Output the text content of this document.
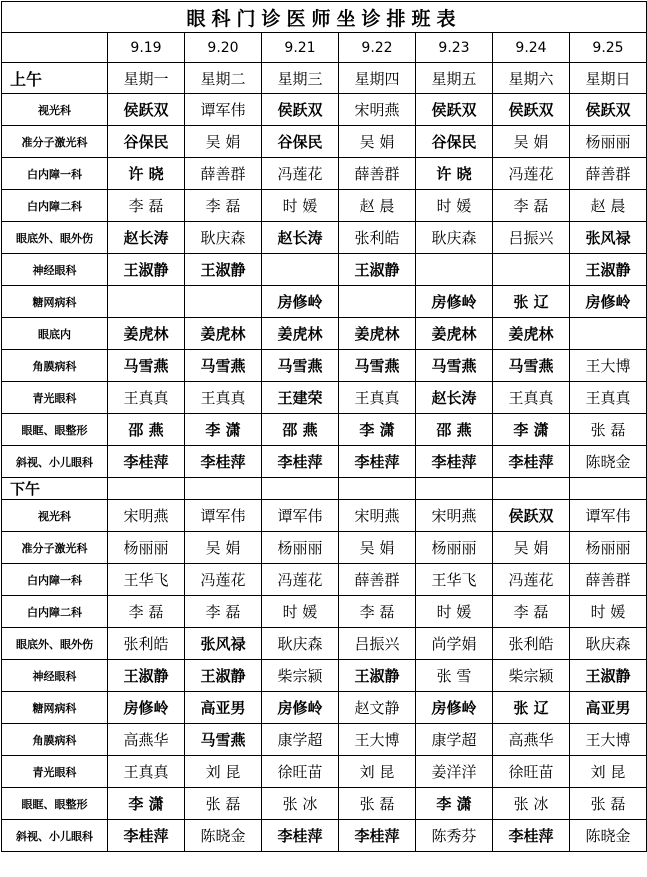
眼科门诊医师坐诊排班表							
	9.19	9.20	9.21	9.22	9.23	9.24	9.25
上午	星期一	星期二	星期三	星期四	星期五	星期六	星期日
视光科	侯跃双	谭军伟	侯跃双	宋明燕	侯跃双	侯跃双	侯跃双
准分子激光科	谷保民	吴 娟	谷保民	吴 娟	谷保民	吴 娟	杨丽丽
白内障一科	许 晓	薛善群	冯莲花	薛善群	许 晓	冯莲花	薛善群
白内障二科	李 磊	李 磊	时 媛	赵 晨	时 媛	李 磊	赵 晨
眼底外、眼外伤	赵长涛	耿庆森	赵长涛	张利皓	耿庆森	吕振兴	张风禄
神经眼科	王淑静	王淑静		王淑静			王淑静
糖网病科			房修岭		房修岭	张 辽	房修岭
眼底内	姜虎林	姜虎林	姜虎林	姜虎林	姜虎林	姜虎林	
角膜病科	马雪燕	马雪燕	马雪燕	马雪燕	马雪燕	马雪燕	王大博
青光眼科	王真真	王真真	王建荣	王真真	赵长涛	王真真	王真真
眼眶、眼整形	邵 燕	李 潇	邵 燕	李 潇	邵 燕	李 潇	张 磊
斜视、小儿眼科	李桂萍	李桂萍	李桂萍	李桂萍	李桂萍	李桂萍	陈晓金
下午							
视光科	宋明燕	谭军伟	谭军伟	宋明燕	宋明燕	侯跃双	谭军伟
准分子激光科	杨丽丽	吴 娟	杨丽丽	吴 娟	杨丽丽	吴 娟	杨丽丽
白内障一科	王华飞	冯莲花	冯莲花	薛善群	王华飞	冯莲花	薛善群
白内障二科	李 磊	李 磊	时 媛	李 磊	时 媛	李 磊	时 媛
眼底外、眼外伤	张利皓	张风禄	耿庆森	吕振兴	尚学娟	张利皓	耿庆森
神经眼科	王淑静	王淑静	柴宗颍	王淑静	张 雪	柴宗颍	王淑静
糖网病科	房修岭	高亚男	房修岭	赵文静	房修岭	张 辽	高亚男
角膜病科	高燕华	马雪燕	康学超	王大博	康学超	高燕华	王大博
青光眼科	王真真	刘 昆	徐旺苗	刘 昆	姜洋洋	徐旺苗	刘 昆
眼眶、眼整形	李 潇	张 磊	张 冰	张 磊	李 潇	张 冰	张 磊
斜视、小儿眼科	李桂萍	陈晓金	李桂萍	李桂萍	陈秀芬	李桂萍	陈晓金
